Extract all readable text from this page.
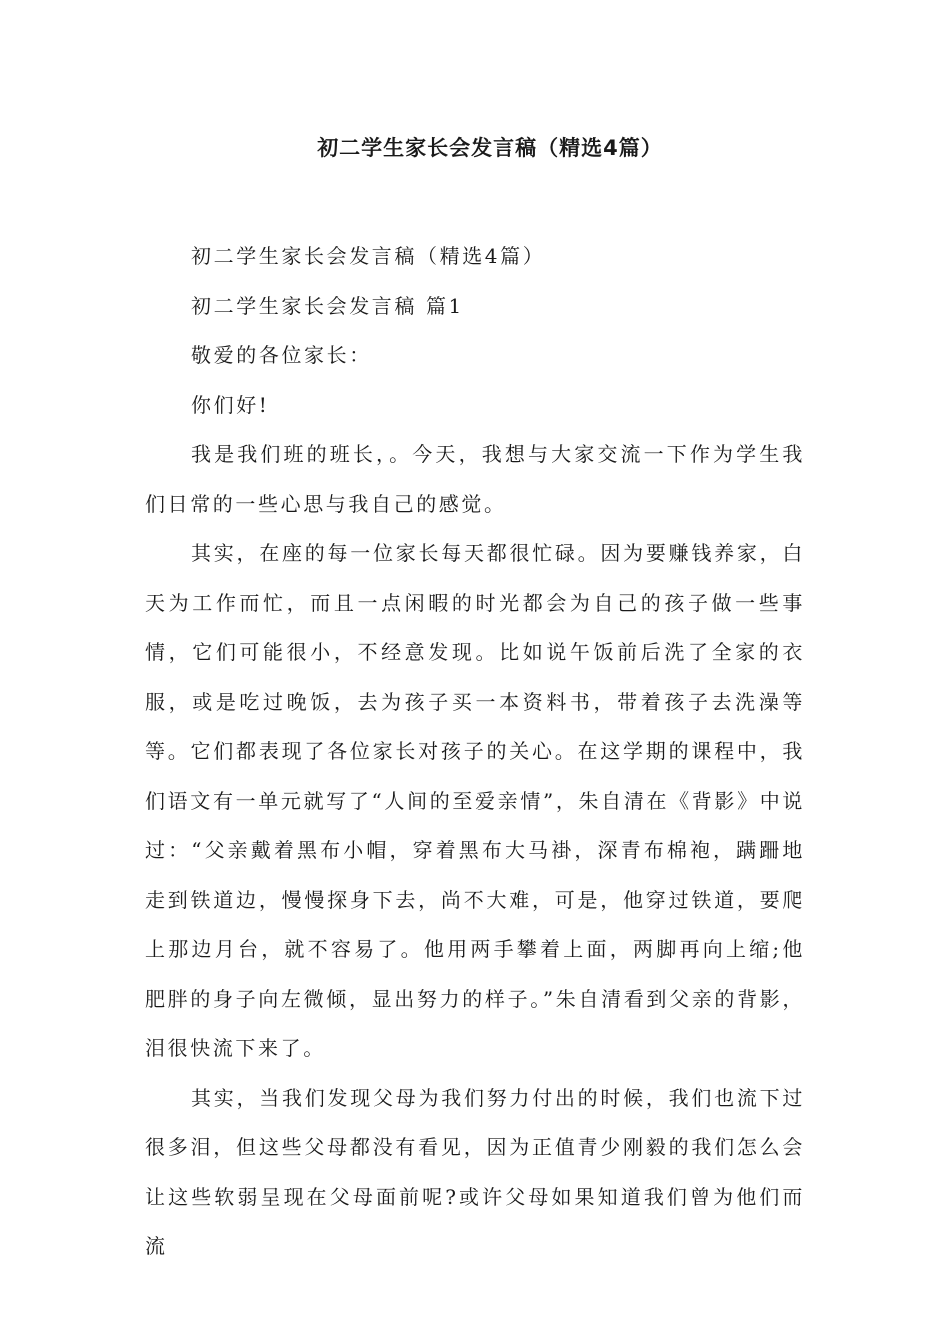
初二学生家长会发言稿（精选4篇）

初二学生家长会发言稿（精选4篇）

初二学生家长会发言稿 篇1

敬爱的各位家长：

你们好!

我是我们班的班长，。今天，我想与大家交流一下作为学生我们日常的一些心思与我自己的感觉。

其实，在座的每一位家长每天都很忙碌。因为要赚钱养家，白天为工作而忙，而且一点闲暇的时光都会为自己的孩子做一些事情，它们可能很小，不经意发现。比如说午饭前后洗了全家的衣服，或是吃过晚饭，去为孩子买一本资料书，带着孩子去洗澡等等。它们都表现了各位家长对孩子的关心。在这学期的课程中，我们语文有一单元就写了“人间的至爱亲情”，朱自清在《背影》中说过：“父亲戴着黑布小帽，穿着黑布大马褂，深青布棉袍，蹒跚地走到铁道边，慢慢探身下去，尚不大难，可是，他穿过铁道，要爬上那边月台，就不容易了。他用两手攀着上面，两脚再向上缩;他肥胖的身子向左微倾，显出努力的样子。”朱自清看到父亲的背影，泪很快流下来了。

其实，当我们发现父母为我们努力付出的时候，我们也流下过很多泪，但这些父母都没有看见，因为正值青少刚毅的我们怎么会让这些软弱呈现在父母面前呢?或许父母如果知道我们曾为他们而流
